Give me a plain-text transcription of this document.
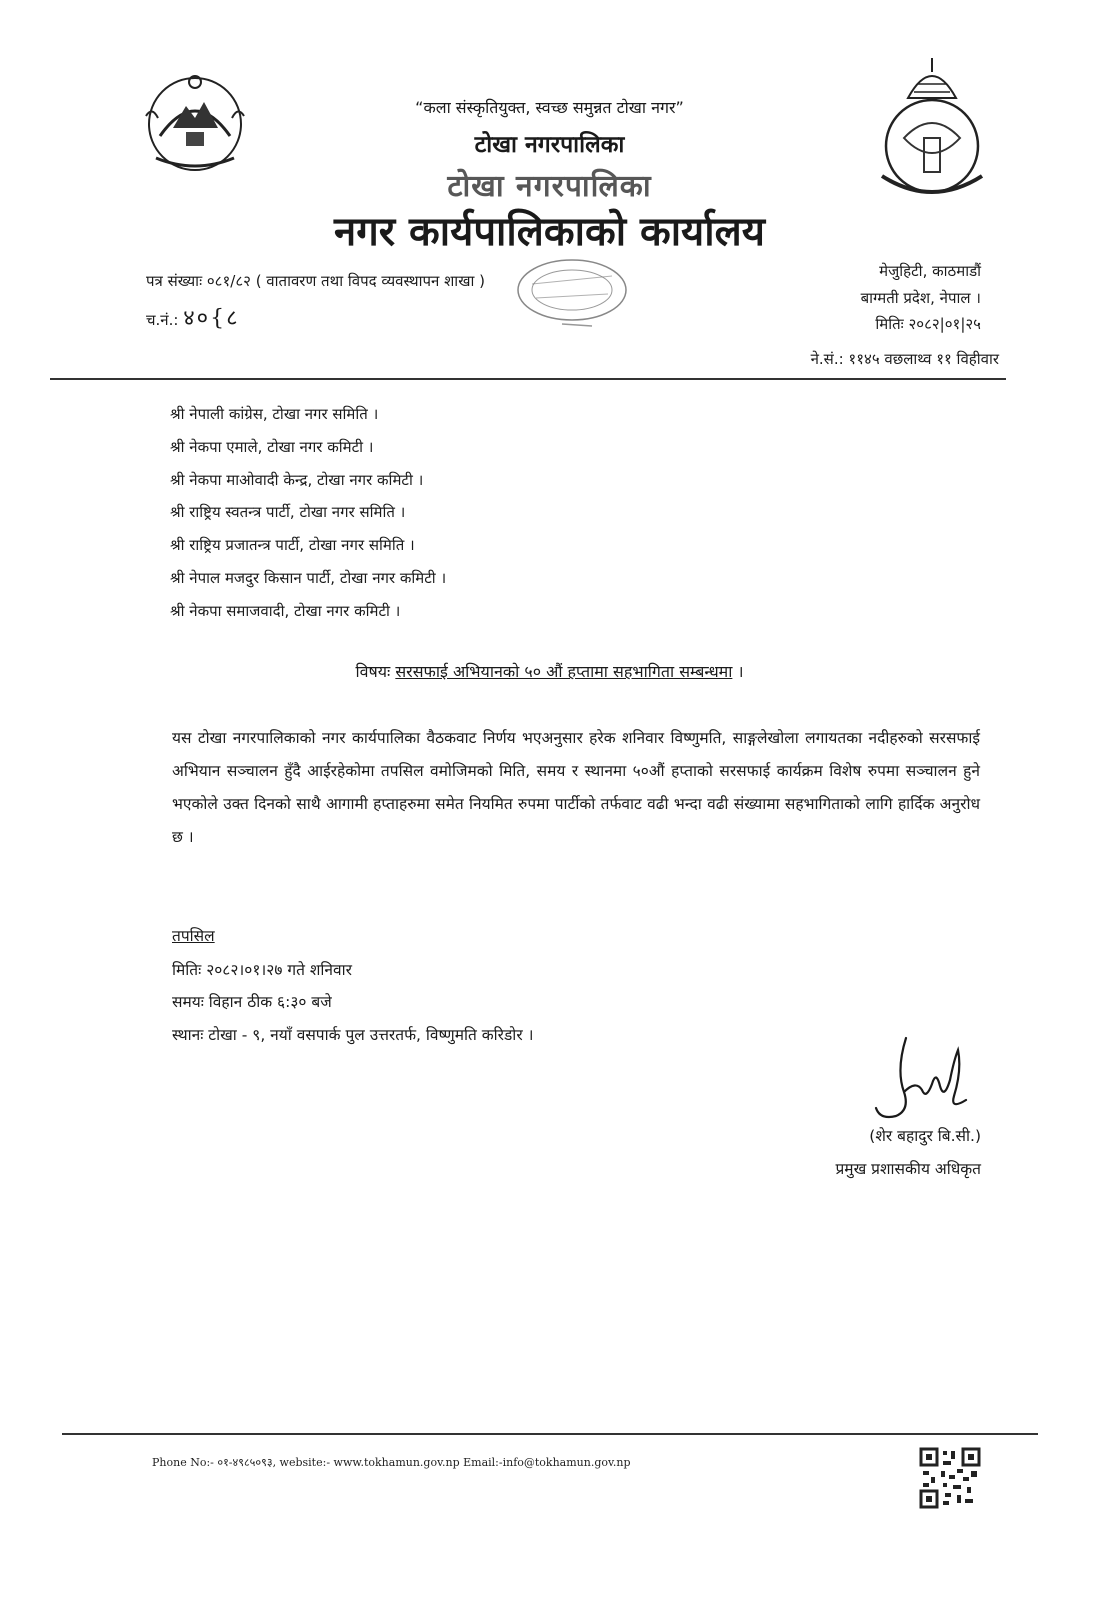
“कला संस्कृतियुक्त, स्वच्छ समुन्नत टोखा नगर”
टोखा नगरपालिका
टोखा नगरपालिका
नगर कार्यपालिकाको कार्यालय
पत्र संख्याः ०८१/८२ ( वातावरण तथा विपद व्यवस्थापन शाखा )
च.नं.: ४०{८
मेजुहिटी, काठमाडौं
बाग्मती प्रदेश, नेपाल ।
मितिः २०८२|०१|२५
ने.सं.: ११४५ वछलाथ्व ११ विहीवार
श्री नेपाली कांग्रेस, टोखा नगर समिति ।
श्री नेकपा एमाले, टोखा नगर कमिटी ।
श्री नेकपा माओवादी केन्द्र, टोखा नगर कमिटी ।
श्री राष्ट्रिय स्वतन्त्र पार्टी, टोखा नगर समिति ।
श्री राष्ट्रिय प्रजातन्त्र पार्टी, टोखा नगर समिति ।
श्री नेपाल मजदुर किसान पार्टी, टोखा नगर कमिटी ।
श्री नेकपा समाजवादी, टोखा नगर कमिटी ।
विषयः सरसफाई अभियानको ५० औं हप्तामा सहभागिता सम्बन्धमा ।

यस टोखा नगरपालिकाको नगर कार्यपालिका वैठकवाट निर्णय भएअनुसार हरेक शनिवार विष्णुमति, साङ्गलेखोला लगायतका नदीहरुको सरसफाई अभियान सञ्चालन हुँदै आईरहेकोमा तपसिल वमोजिमको मिति, समय र स्थानमा ५०औं हप्ताको सरसफाई कार्यक्रम विशेष रुपमा सञ्चालन हुने भएकोले उक्त दिनको साथै आगामी हप्ताहरुमा समेत नियमित रुपमा पार्टीको तर्फवाट वढी भन्दा वढी संख्यामा सहभागिताको लागि हार्दिक अनुरोध छ ।

तपसिल
मितिः २०८२।०१।२७ गते शनिवार
समयः विहान ठीक ६:३० बजे
स्थानः टोखा - ९, नयाँ वसपार्क पुल उत्तरतर्फ, विष्णुमति करिडोर ।
(शेर बहादुर बि.सी.)
प्रमुख प्रशासकीय अधिकृत
Phone No:- ०१-४९८५०९३, website:- www.tokhamun.gov.np Email:-info@tokhamun.gov.np
